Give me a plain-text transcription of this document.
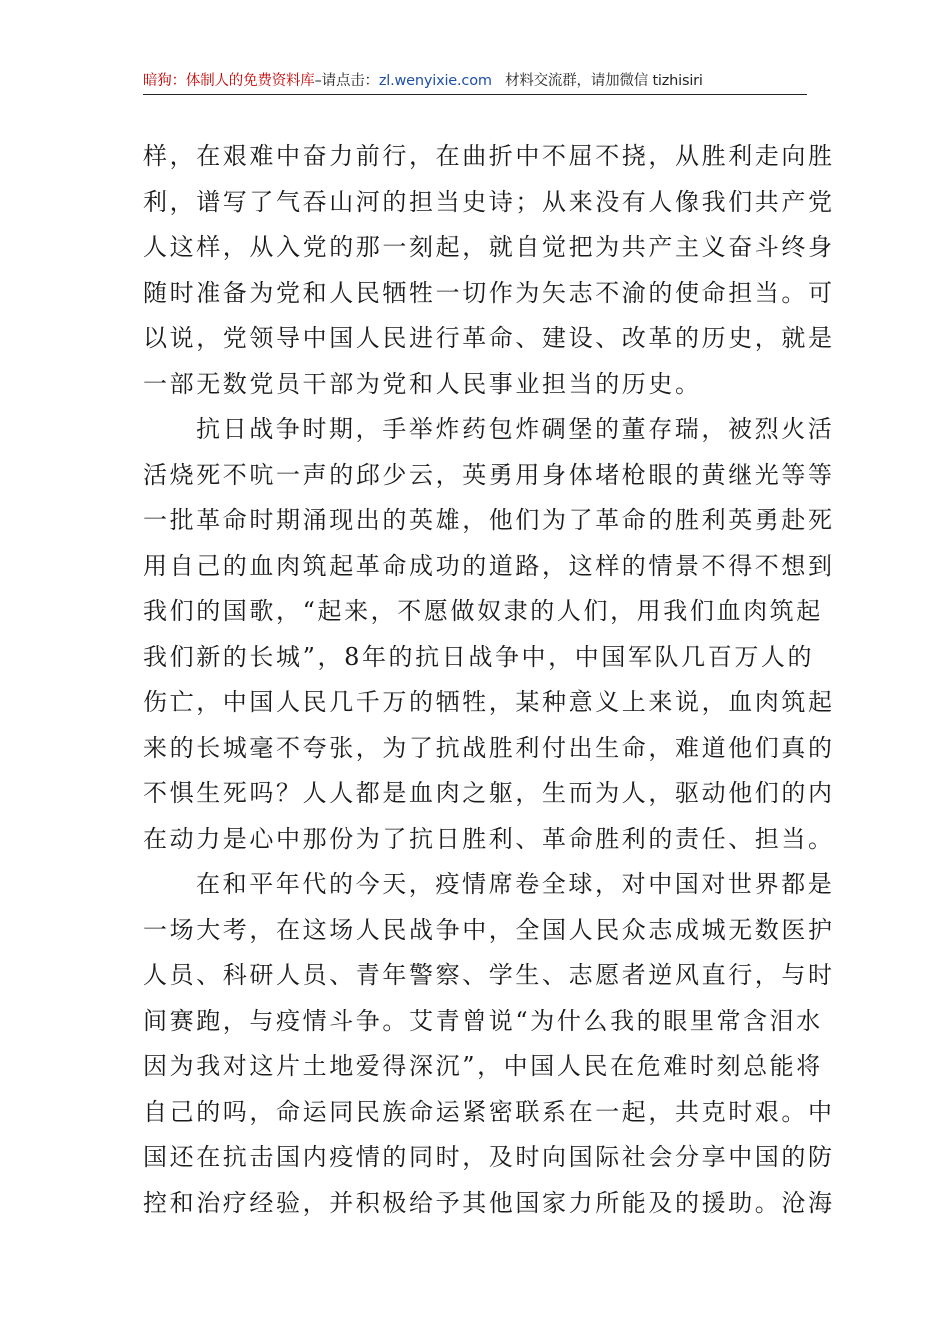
暗狗：体制人的免费资料库–请点击：zl.wenyixie.com 材料交流群，请加微信 tizhisiri

样，在艰难中奋力前行，在曲折中不屈不挠，从胜利走向胜
利，谱写了气吞山河的担当史诗；从来没有人像我们共产党
人这样，从入党的那一刻起，就自觉把为共产主义奋斗终身
随时准备为党和人民牺牲一切作为矢志不渝的使命担当。可
以说，党领导中国人民进行革命、建设、改革的历史，就是
一部无数党员干部为党和人民事业担当的历史。

抗日战争时期，手举炸药包炸碉堡的董存瑞，被烈火活
活烧死不吭一声的邱少云，英勇用身体堵枪眼的黄继光等等
一批革命时期涌现出的英雄，他们为了革命的胜利英勇赴死
用自己的血肉筑起革命成功的道路，这样的情景不得不想到
我们的国歌，“起来，不愿做奴隶的人们，用我们血肉筑起
我们新的长城”，8年的抗日战争中，中国军队几百万人的
伤亡，中国人民几千万的牺牲，某种意义上来说，血肉筑起
来的长城毫不夸张，为了抗战胜利付出生命，难道他们真的
不惧生死吗？人人都是血肉之躯，生而为人，驱动他们的内
在动力是心中那份为了抗日胜利、革命胜利的责任、担当。

在和平年代的今天，疫情席卷全球，对中国对世界都是
一场大考，在这场人民战争中，全国人民众志成城无数医护
人员、科研人员、青年警察、学生、志愿者逆风直行，与时
间赛跑，与疫情斗争。艾青曾说“为什么我的眼里常含泪水
因为我对这片土地爱得深沉”，中国人民在危难时刻总能将
自己的吗，命运同民族命运紧密联系在一起，共克时艰。中
国还在抗击国内疫情的同时，及时向国际社会分享中国的防
控和治疗经验，并积极给予其他国家力所能及的援助。沧海
